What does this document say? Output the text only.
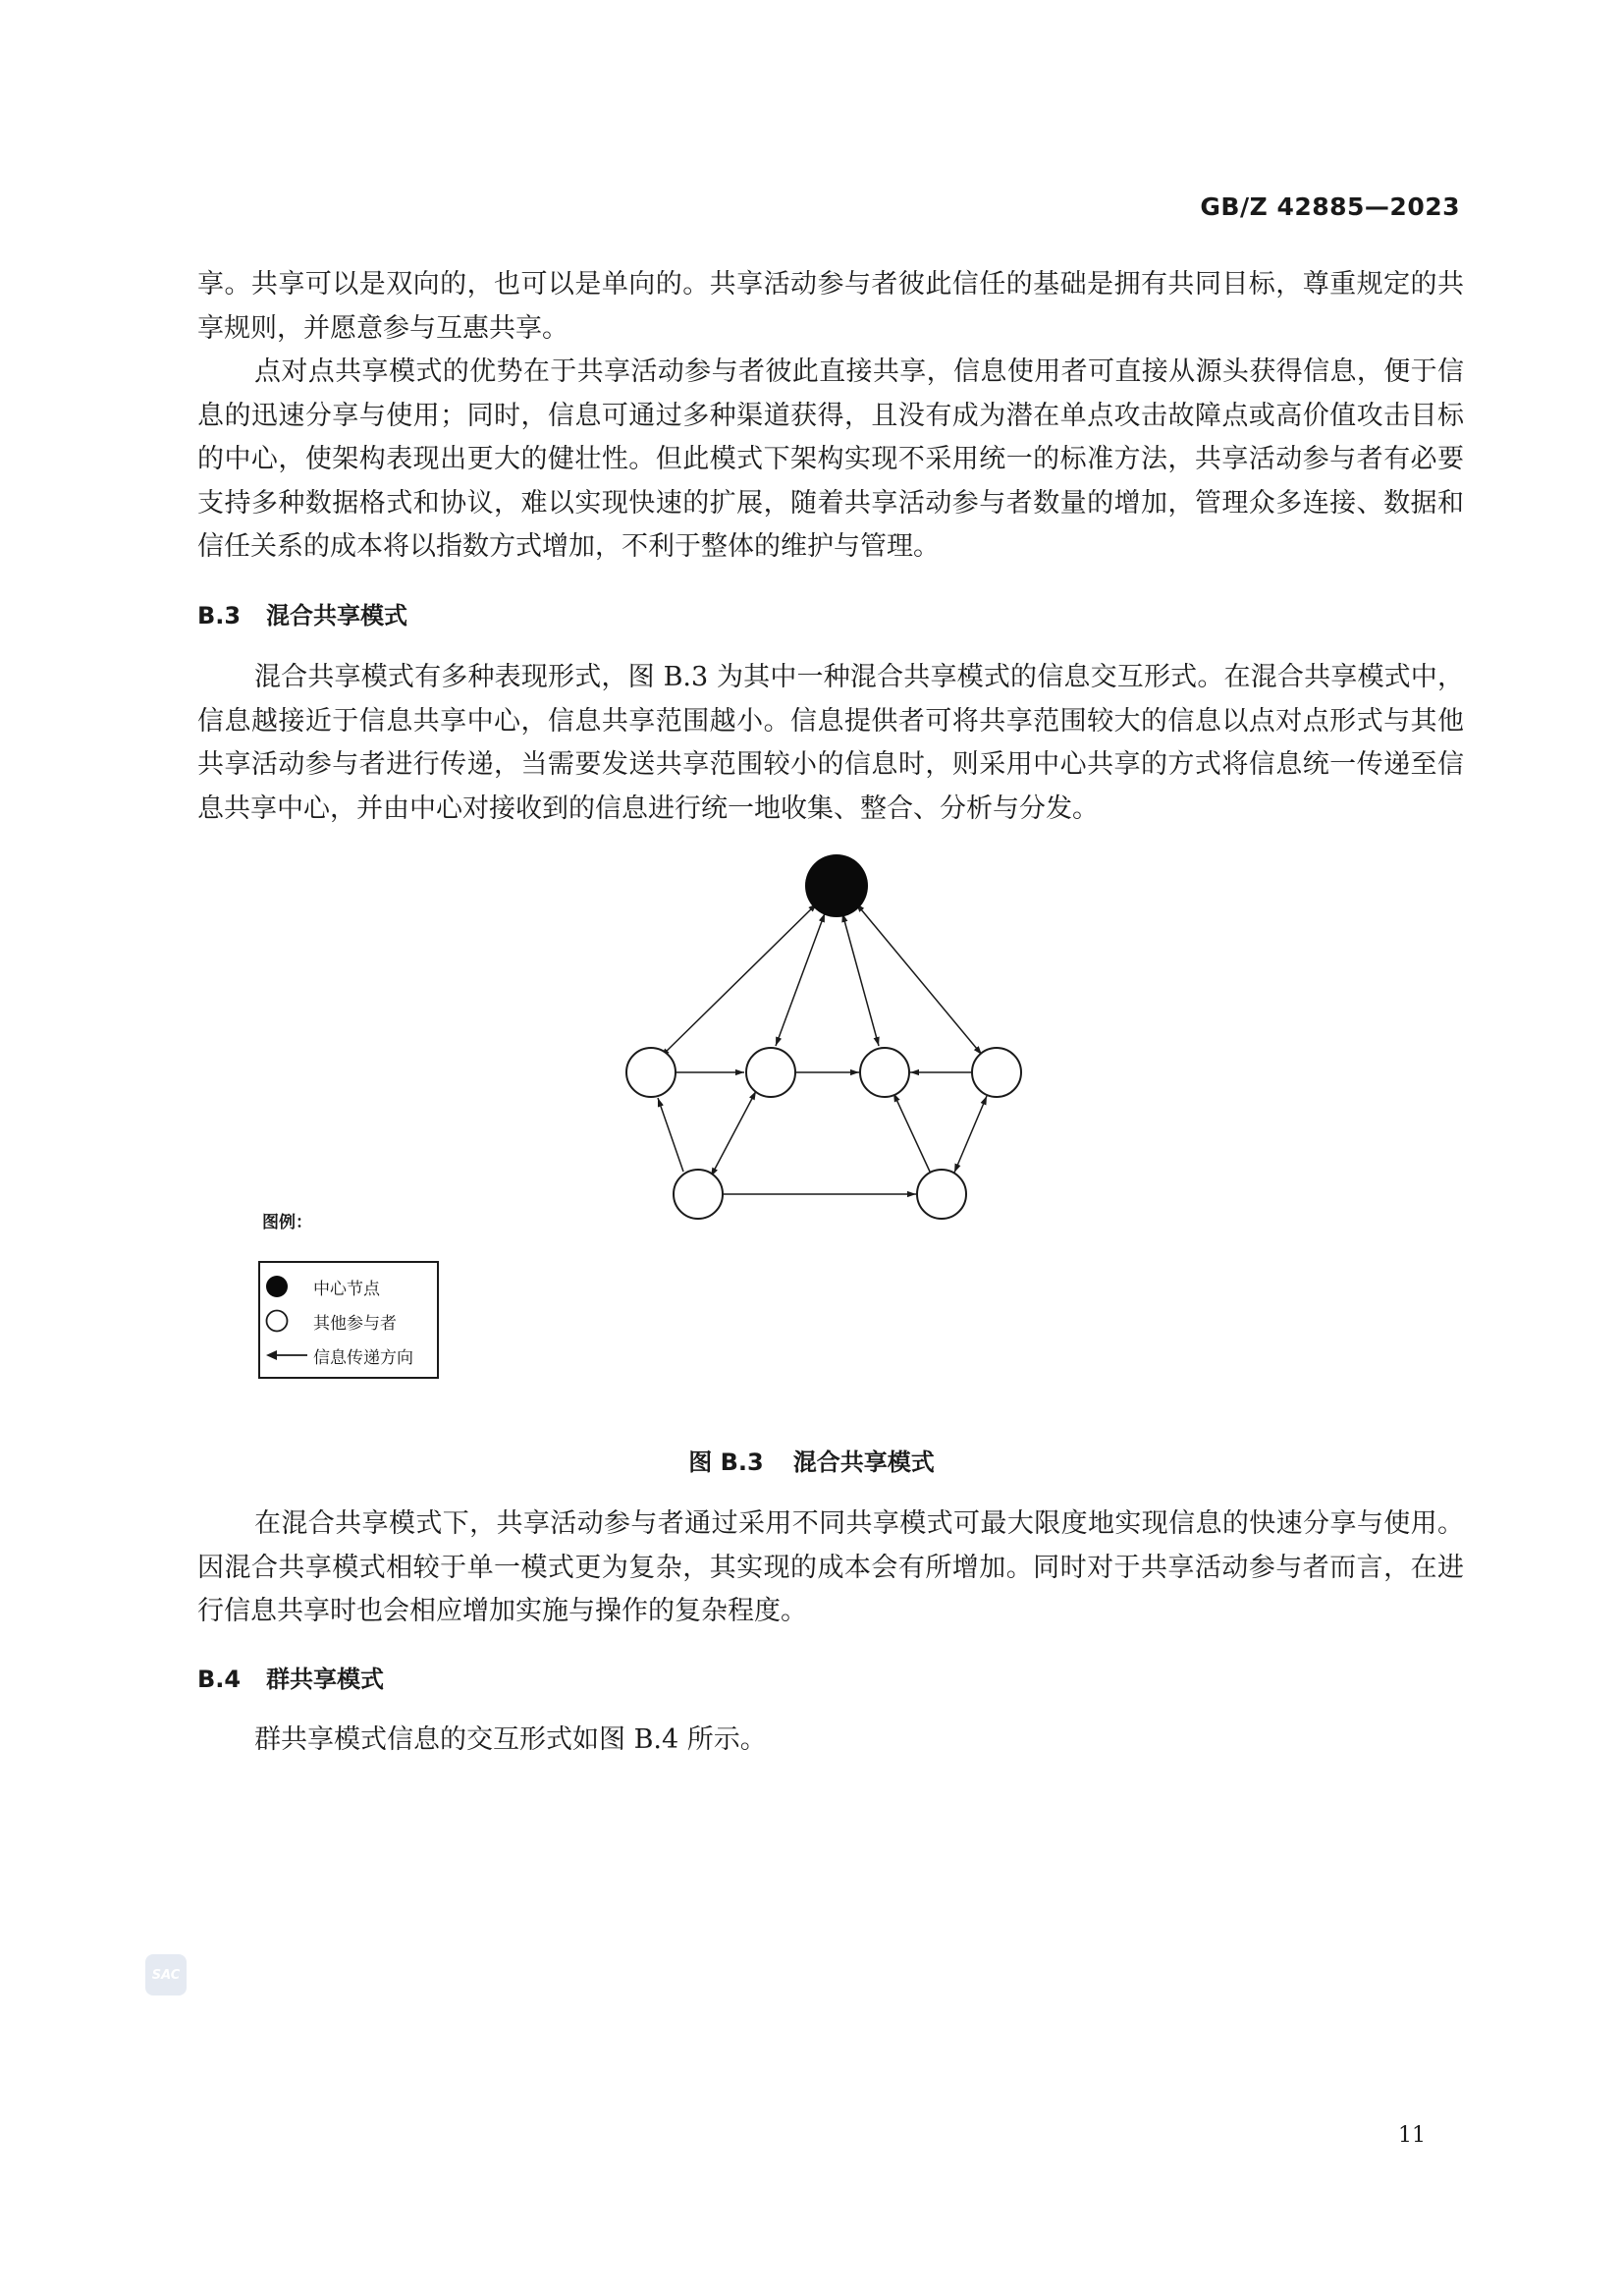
GB/Z 42885—2023

享。共享可以是双向的，也可以是单向的。共享活动参与者彼此信任的基础是拥有共同目标，尊重规定的共享规则，并愿意参与互惠共享。

点对点共享模式的优势在于共享活动参与者彼此直接共享，信息使用者可直接从源头获得信息，便于信息的迅速分享与使用；同时，信息可通过多种渠道获得，且没有成为潜在单点攻击故障点或高价值攻击目标的中心，使架构表现出更大的健壮性。但此模式下架构实现不采用统一的标准方法，共享活动参与者有必要支持多种数据格式和协议，难以实现快速的扩展，随着共享活动参与者数量的增加，管理众多连接、数据和信任关系的成本将以指数方式增加，不利于整体的维护与管理。

B.3 混合共享模式

混合共享模式有多种表现形式，图 B.3 为其中一种混合共享模式的信息交互形式。在混合共享模式中，信息越接近于信息共享中心，信息共享范围越小。信息提供者可将共享范围较大的信息以点对点形式与其他共享活动参与者进行传递，当需要发送共享范围较小的信息时，则采用中心共享的方式将信息统一传递至信息共享中心，并由中心对接收到的信息进行统一地收集、整合、分析与分发。

图例：
中心节点
其他参与者
信息传递方向
图 B.3 混合共享模式

在混合共享模式下，共享活动参与者通过采用不同共享模式可最大限度地实现信息的快速分享与使用。因混合共享模式相较于单一模式更为复杂，其实现的成本会有所增加。同时对于共享活动参与者而言，在进行信息共享时也会相应增加实施与操作的复杂程度。

B.4 群共享模式

群共享模式信息的交互形式如图 B.4 所示。

SAC
11
